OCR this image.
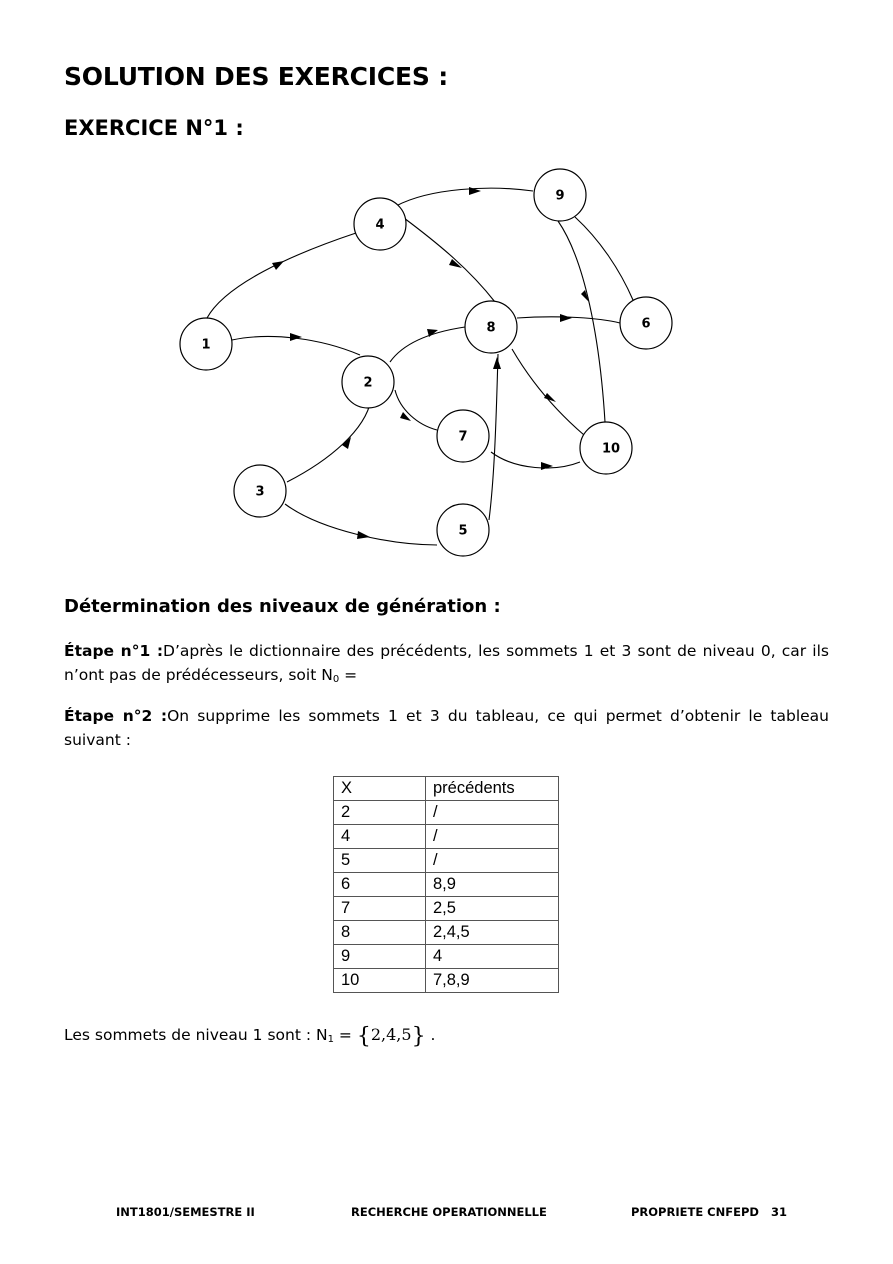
SOLUTION DES EXERCICES :
EXERCICE N°1 :
1
2
3
4
5
6
7
8
9
10
Détermination des niveaux de génération :
Étape n°1 :D’après le dictionnaire des précédents, les sommets 1 et 3 sont de niveau 0, car ils n’ont pas de prédécesseurs, soit $N_0$ =
Étape n°2 :On supprime les sommets 1 et 3 du tableau, ce qui permet d’obtenir le tableau suivant :
X	précédents
2	/
4	/
5	/
6	8,9
7	2,5
8	2,4,5
9	4
10	7,8,9
Les sommets de niveau 1 sont : $N_1 = \{2,4,5\}$ .
INT1801/SEMESTRE II	RECHERCHE OPERATIONNELLE	PROPRIETE CNFEPD 31
